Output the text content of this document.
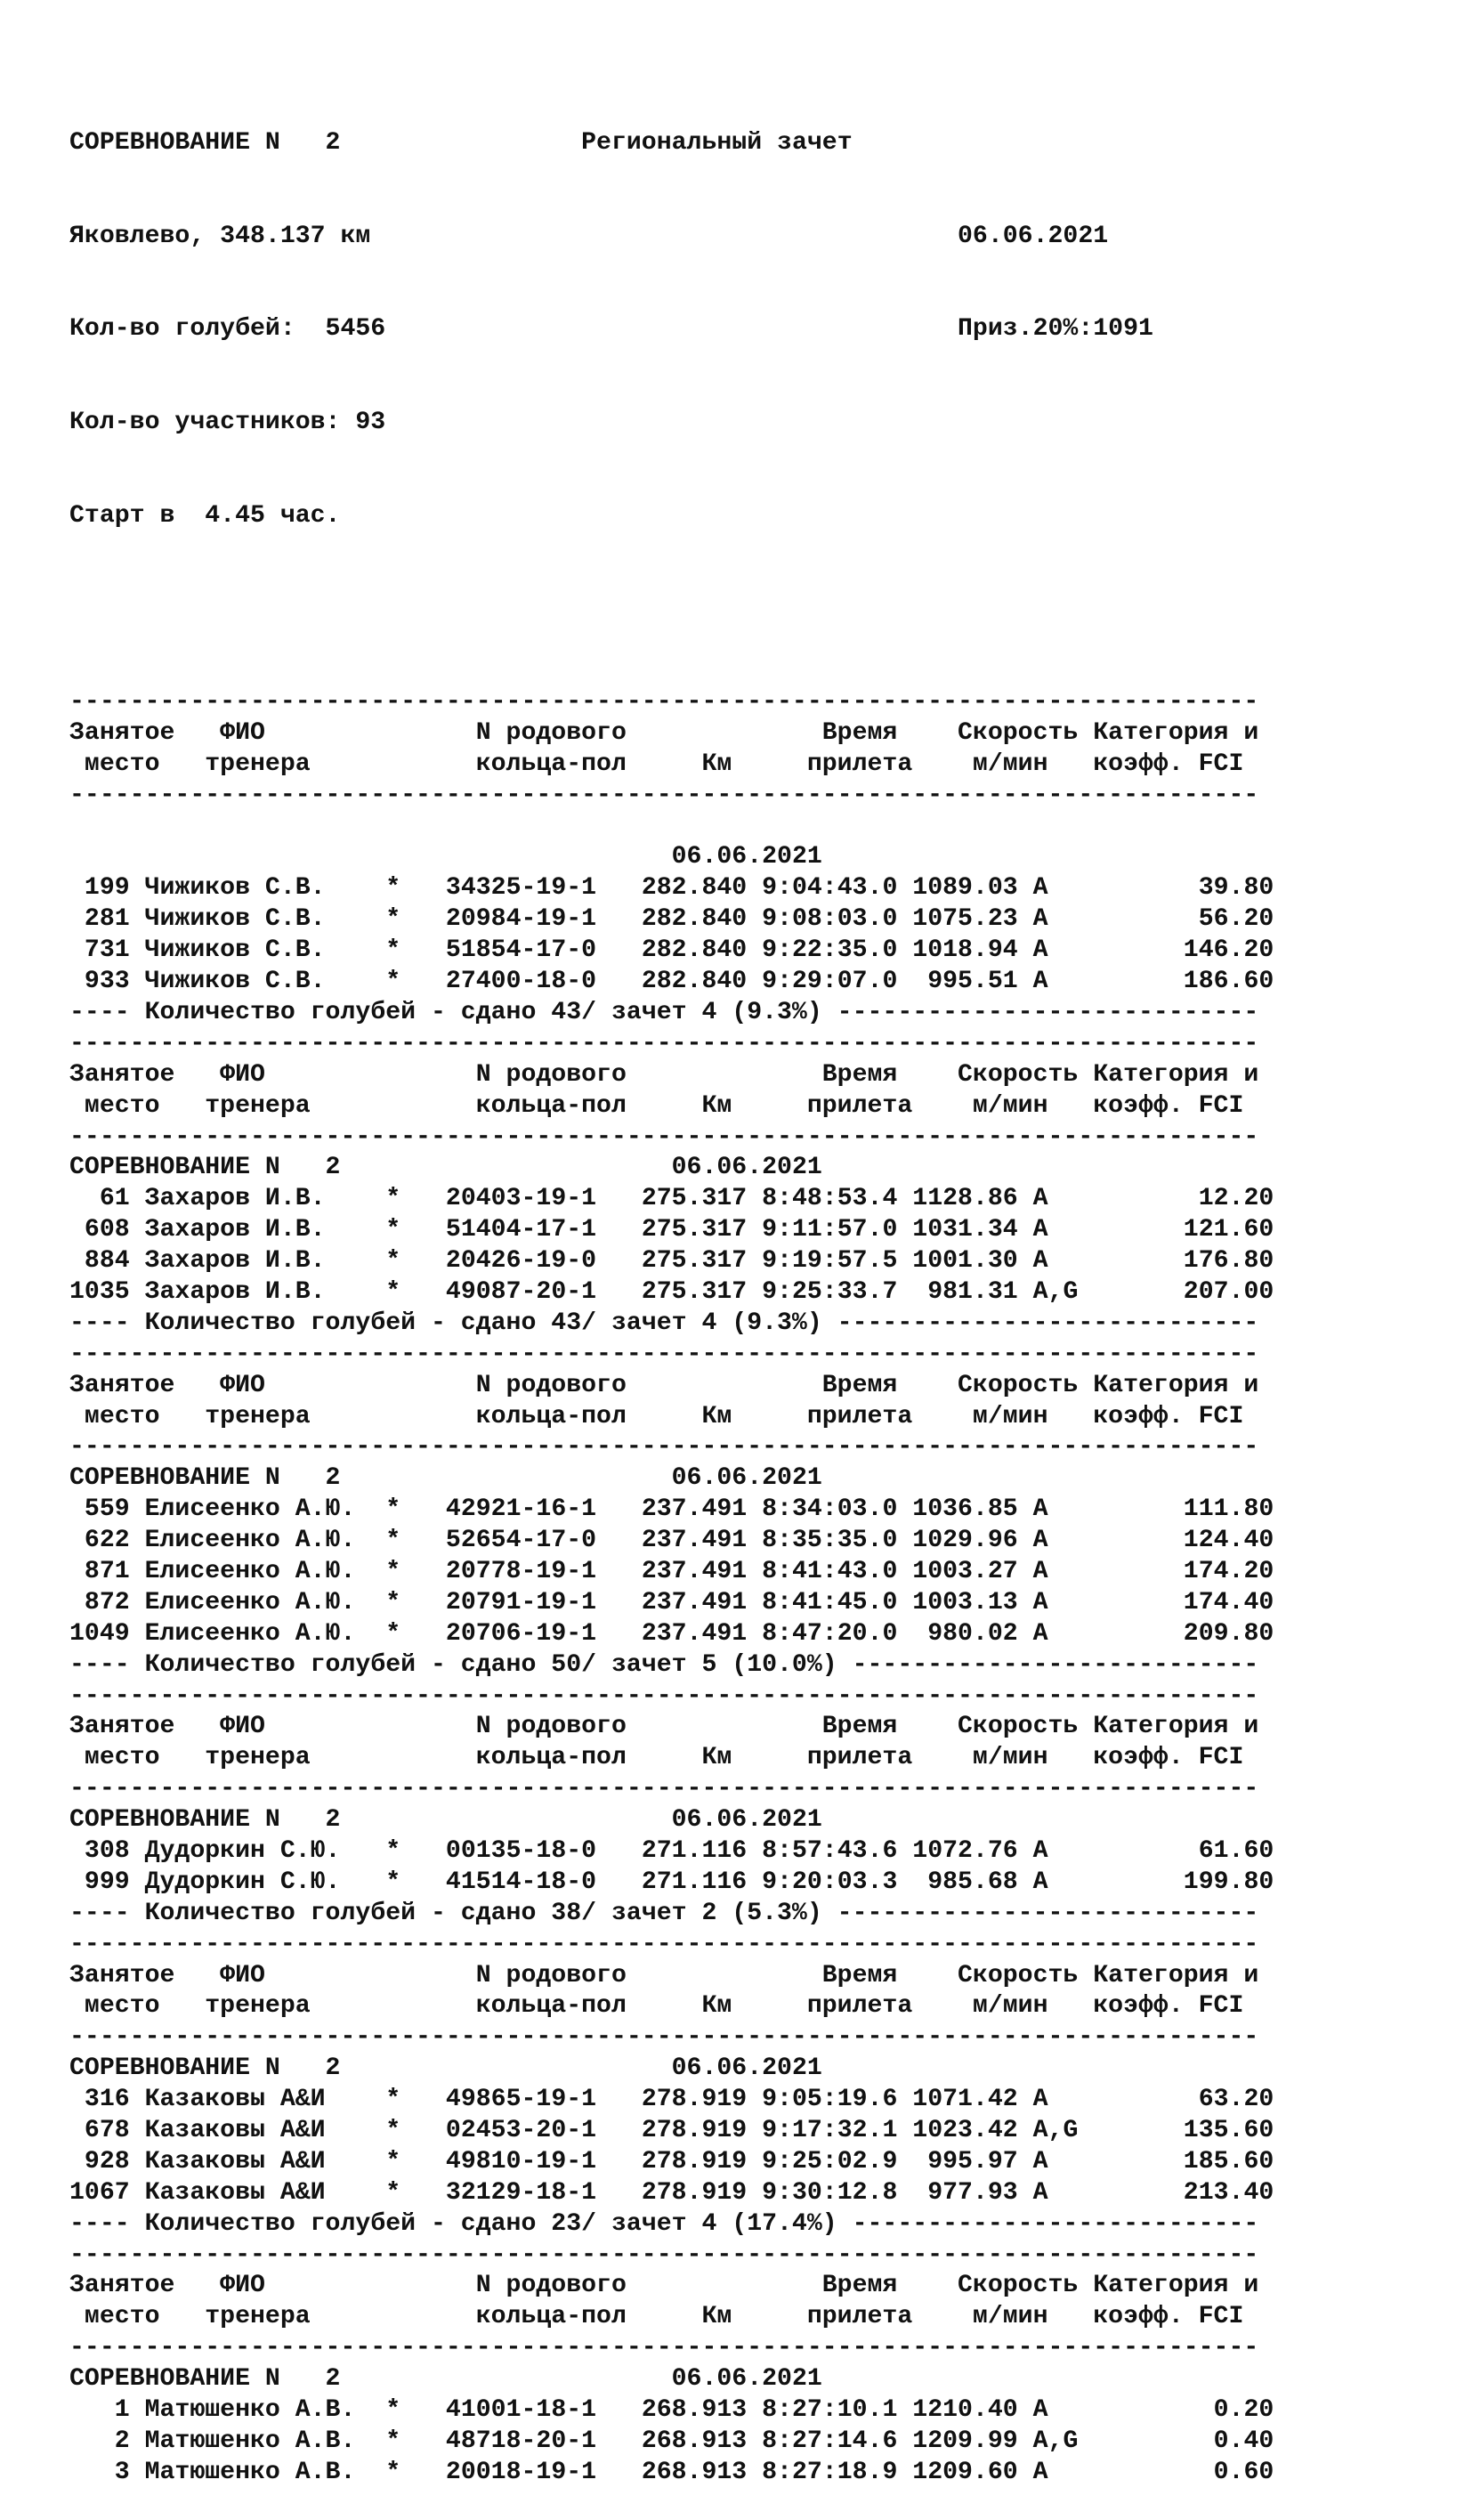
СОРЕВНОВАНИЕ N   2	Региональный зачет

Яковлево, 348.137 км	06.06.2021

Кол-во голубей:  5456	Приз.20%:1091

Кол-во участников: 93

Старт в  4.45 час.

-------------------------------------------------------------------------------
Занятое   ФИО              N родового             Время    Скорость Категория и
место   тренера           кольца-пол     Км     прилета    м/мин   коэфф. FCI
-------------------------------------------------------------------------------
06.06.2021
199 Чижиков С.В.    *   34325-19-1   282.840 9:04:43.0 1089.03 A          39.80
281 Чижиков С.В.    *   20984-19-1   282.840 9:08:03.0 1075.23 A          56.20
731 Чижиков С.В.    *   51854-17-0   282.840 9:22:35.0 1018.94 A         146.20
933 Чижиков С.В.    *   27400-18-0   282.840 9:29:07.0  995.51 A         186.60
---- Количество голубей - сдано 43/ зачет 4 (9.3%) ----------------------------
-------------------------------------------------------------------------------
Занятое   ФИО              N родового             Время    Скорость Категория и
место   тренера           кольца-пол     Км     прилета    м/мин   коэфф. FCI
-------------------------------------------------------------------------------
СОРЕВНОВАНИЕ N   2	06.06.2021
61 Захаров И.В.    *   20403-19-1   275.317 8:48:53.4 1128.86 A          12.20
608 Захаров И.В.    *   51404-17-1   275.317 9:11:57.0 1031.34 A         121.60
884 Захаров И.В.    *   20426-19-0   275.317 9:19:57.5 1001.30 A         176.80
1035 Захаров И.В.    *   49087-20-1   275.317 9:25:33.7  981.31 A,G       207.00
---- Количество голубей - сдано 43/ зачет 4 (9.3%) ----------------------------
-------------------------------------------------------------------------------
Занятое   ФИО              N родового             Время    Скорость Категория и
место   тренера           кольца-пол     Км     прилета    м/мин   коэфф. FCI
-------------------------------------------------------------------------------
СОРЕВНОВАНИЕ N   2	06.06.2021
559 Елисеенко А.Ю.  *   42921-16-1   237.491 8:34:03.0 1036.85 A         111.80
622 Елисеенко А.Ю.  *   52654-17-0   237.491 8:35:35.0 1029.96 A         124.40
871 Елисеенко А.Ю.  *   20778-19-1   237.491 8:41:43.0 1003.27 A         174.20
872 Елисеенко А.Ю.  *   20791-19-1   237.491 8:41:45.0 1003.13 A         174.40
1049 Елисеенко А.Ю.  *   20706-19-1   237.491 8:47:20.0  980.02 A         209.80
---- Количество голубей - сдано 50/ зачет 5 (10.0%) ---------------------------
-------------------------------------------------------------------------------
Занятое   ФИО              N родового             Время    Скорость Категория и
место   тренера           кольца-пол     Км     прилета    м/мин   коэфф. FCI
-------------------------------------------------------------------------------
СОРЕВНОВАНИЕ N   2	06.06.2021
308 Дудоркин С.Ю.   *   00135-18-0   271.116 8:57:43.6 1072.76 A          61.60
999 Дудоркин С.Ю.   *   41514-18-0   271.116 9:20:03.3  985.68 A         199.80
---- Количество голубей - сдано 38/ зачет 2 (5.3%) ----------------------------
-------------------------------------------------------------------------------
Занятое   ФИО              N родового             Время    Скорость Категория и
место   тренера           кольца-пол     Км     прилета    м/мин   коэфф. FCI
-------------------------------------------------------------------------------
СОРЕВНОВАНИЕ N   2	06.06.2021
316 Казаковы А&И    *   49865-19-1   278.919 9:05:19.6 1071.42 A          63.20
678 Казаковы А&И    *   02453-20-1   278.919 9:17:32.1 1023.42 A,G       135.60
928 Казаковы А&И    *   49810-19-1   278.919 9:25:02.9  995.97 A         185.60
1067 Казаковы А&И    *   32129-18-1   278.919 9:30:12.8  977.93 A         213.40
---- Количество голубей - сдано 23/ зачет 4 (17.4%) ---------------------------
-------------------------------------------------------------------------------
Занятое   ФИО              N родового             Время    Скорость Категория и
место   тренера           кольца-пол     Км     прилета    м/мин   коэфф. FCI
-------------------------------------------------------------------------------
СОРЕВНОВАНИЕ N   2	06.06.2021
1 Матюшенко А.В.  *   41001-18-1   268.913 8:27:10.1 1210.40 A           0.20
2 Матюшенко А.В.  *   48718-20-1   268.913 8:27:14.6 1209.99 A,G         0.40
3 Матюшенко А.В.  *   20018-19-1   268.913 8:27:18.9 1209.60 A           0.60
